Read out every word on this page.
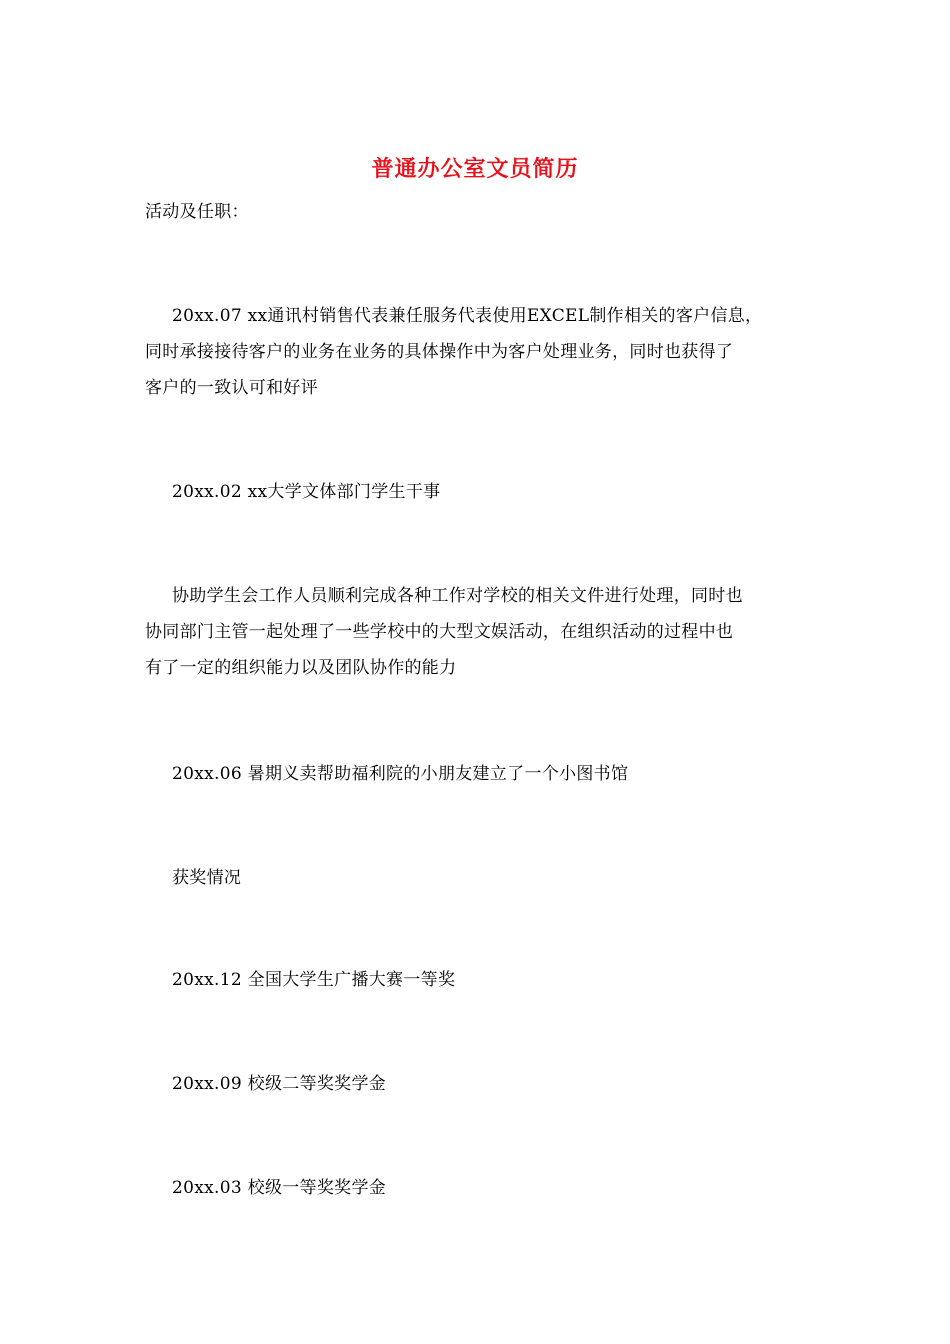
普通办公室文员简历

活动及任职：

20xx.07 xx通讯村销售代表兼任服务代表使用EXCEL制作相关的客户信息，
同时承接接待客户的业务在业务的具体操作中为客户处理业务，同时也获得了
客户的一致认可和好评

20xx.02 xx大学文体部门学生干事

协助学生会工作人员顺利完成各种工作对学校的相关文件进行处理，同时也
协同部门主管一起处理了一些学校中的大型文娱活动，在组织活动的过程中也
有了一定的组织能力以及团队协作的能力

20xx.06 暑期义卖帮助福利院的小朋友建立了一个小图书馆

获奖情况

20xx.12 全国大学生广播大赛一等奖

20xx.09 校级二等奖奖学金

20xx.03 校级一等奖奖学金
